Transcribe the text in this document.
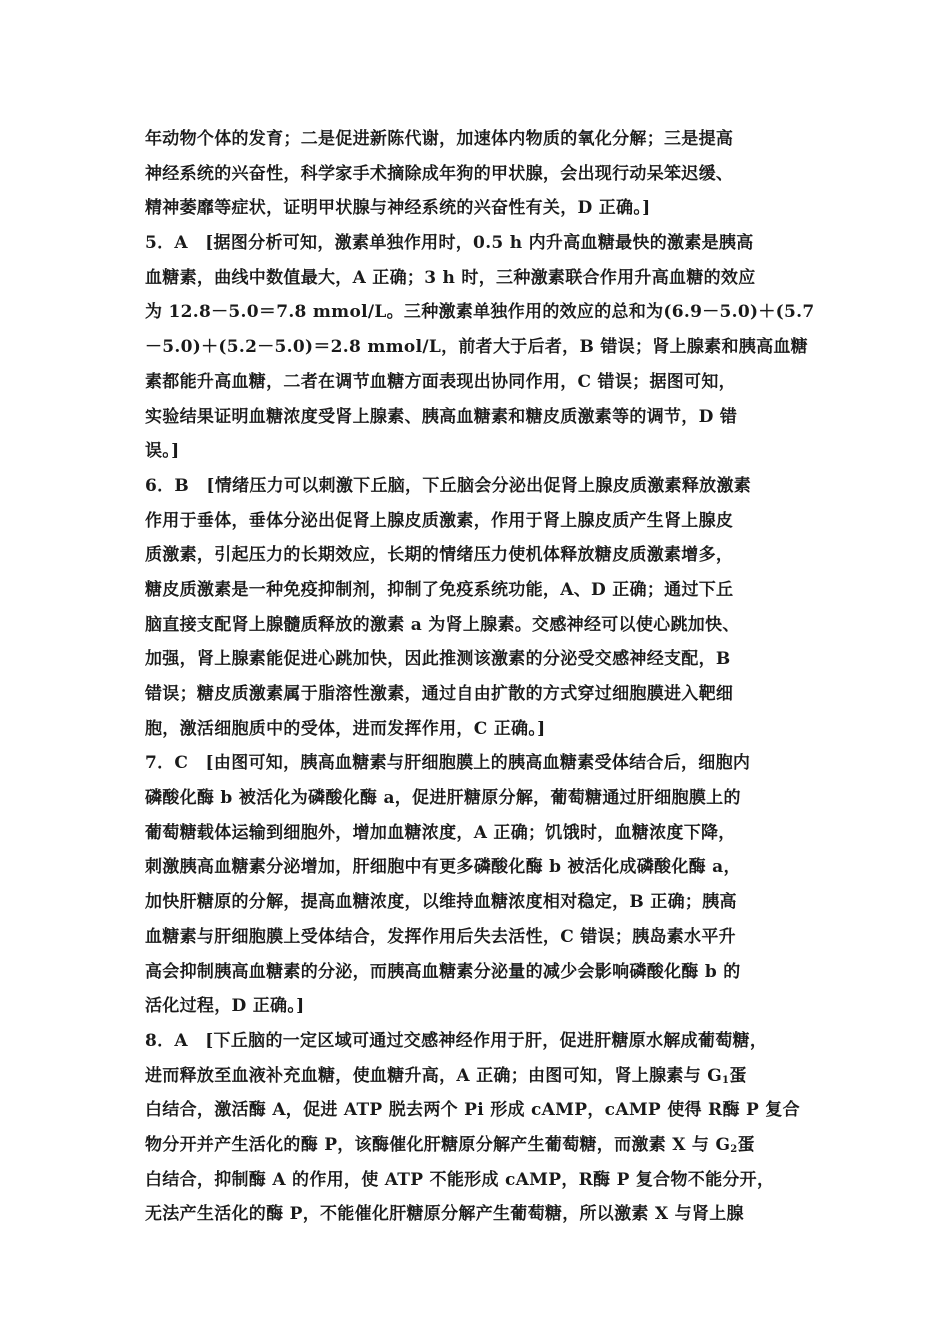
年动物个体的发育；二是促进新陈代谢，加速体内物质的氧化分解；三是提高
神经系统的兴奋性，科学家手术摘除成年狗的甲状腺，会出现行动呆笨迟缓、
精神萎靡等症状，证明甲状腺与神经系统的兴奋性有关，D 正确。]
5．A　[据图分析可知，激素单独作用时，0.5 h 内升高血糖最快的激素是胰高
血糖素，曲线中数值最大，A 正确；3 h 时，三种激素联合作用升高血糖的效应
为 12.8－5.0＝7.8 mmol/L。三种激素单独作用的效应的总和为(6.9－5.0)＋(5.7
－5.0)＋(5.2－5.0)＝2.8 mmol/L，前者大于后者，B 错误；肾上腺素和胰高血糖
素都能升高血糖，二者在调节血糖方面表现出协同作用，C 错误；据图可知，
实验结果证明血糖浓度受肾上腺素、胰高血糖素和糖皮质激素等的调节，D 错
误。]
6．B　[情绪压力可以刺激下丘脑，下丘脑会分泌出促肾上腺皮质激素释放激素
作用于垂体，垂体分泌出促肾上腺皮质激素，作用于肾上腺皮质产生肾上腺皮
质激素，引起压力的长期效应，长期的情绪压力使机体释放糖皮质激素增多，
糖皮质激素是一种免疫抑制剂，抑制了免疫系统功能，A、D 正确；通过下丘
脑直接支配肾上腺髓质释放的激素 a 为肾上腺素。交感神经可以使心跳加快、
加强，肾上腺素能促进心跳加快，因此推测该激素的分泌受交感神经支配，B
错误；糖皮质激素属于脂溶性激素，通过自由扩散的方式穿过细胞膜进入靶细
胞，激活细胞质中的受体，进而发挥作用，C 正确。]
7．C　[由图可知，胰高血糖素与肝细胞膜上的胰高血糖素受体结合后，细胞内
磷酸化酶 b 被活化为磷酸化酶 a，促进肝糖原分解，葡萄糖通过肝细胞膜上的
葡萄糖载体运输到细胞外，增加血糖浓度，A 正确；饥饿时，血糖浓度下降，
刺激胰高血糖素分泌增加，肝细胞中有更多磷酸化酶 b 被活化成磷酸化酶 a，
加快肝糖原的分解，提高血糖浓度，以维持血糖浓度相对稳定，B 正确；胰高
血糖素与肝细胞膜上受体结合，发挥作用后失去活性，C 错误；胰岛素水平升
高会抑制胰高血糖素的分泌，而胰高血糖素分泌量的减少会影响磷酸化酶 b 的
活化过程，D 正确。]
8．A　[下丘脑的一定区域可通过交感神经作用于肝，促进肝糖原水解成葡萄糖，
进而释放至血液补充血糖，使血糖升高，A 正确；由图可知，肾上腺素与 $G_1$蛋
白结合，激活酶 A，促进 ATP 脱去两个 Pi 形成 cAMP，cAMP 使得 R酶 P 复合
物分开并产生活化的酶 P，该酶催化肝糖原分解产生葡萄糖，而激素 X 与 $G_2$蛋
白结合，抑制酶 A 的作用，使 ATP 不能形成 cAMP，R酶 P 复合物不能分开，
无法产生活化的酶 P，不能催化肝糖原分解产生葡萄糖，所以激素 X 与肾上腺
